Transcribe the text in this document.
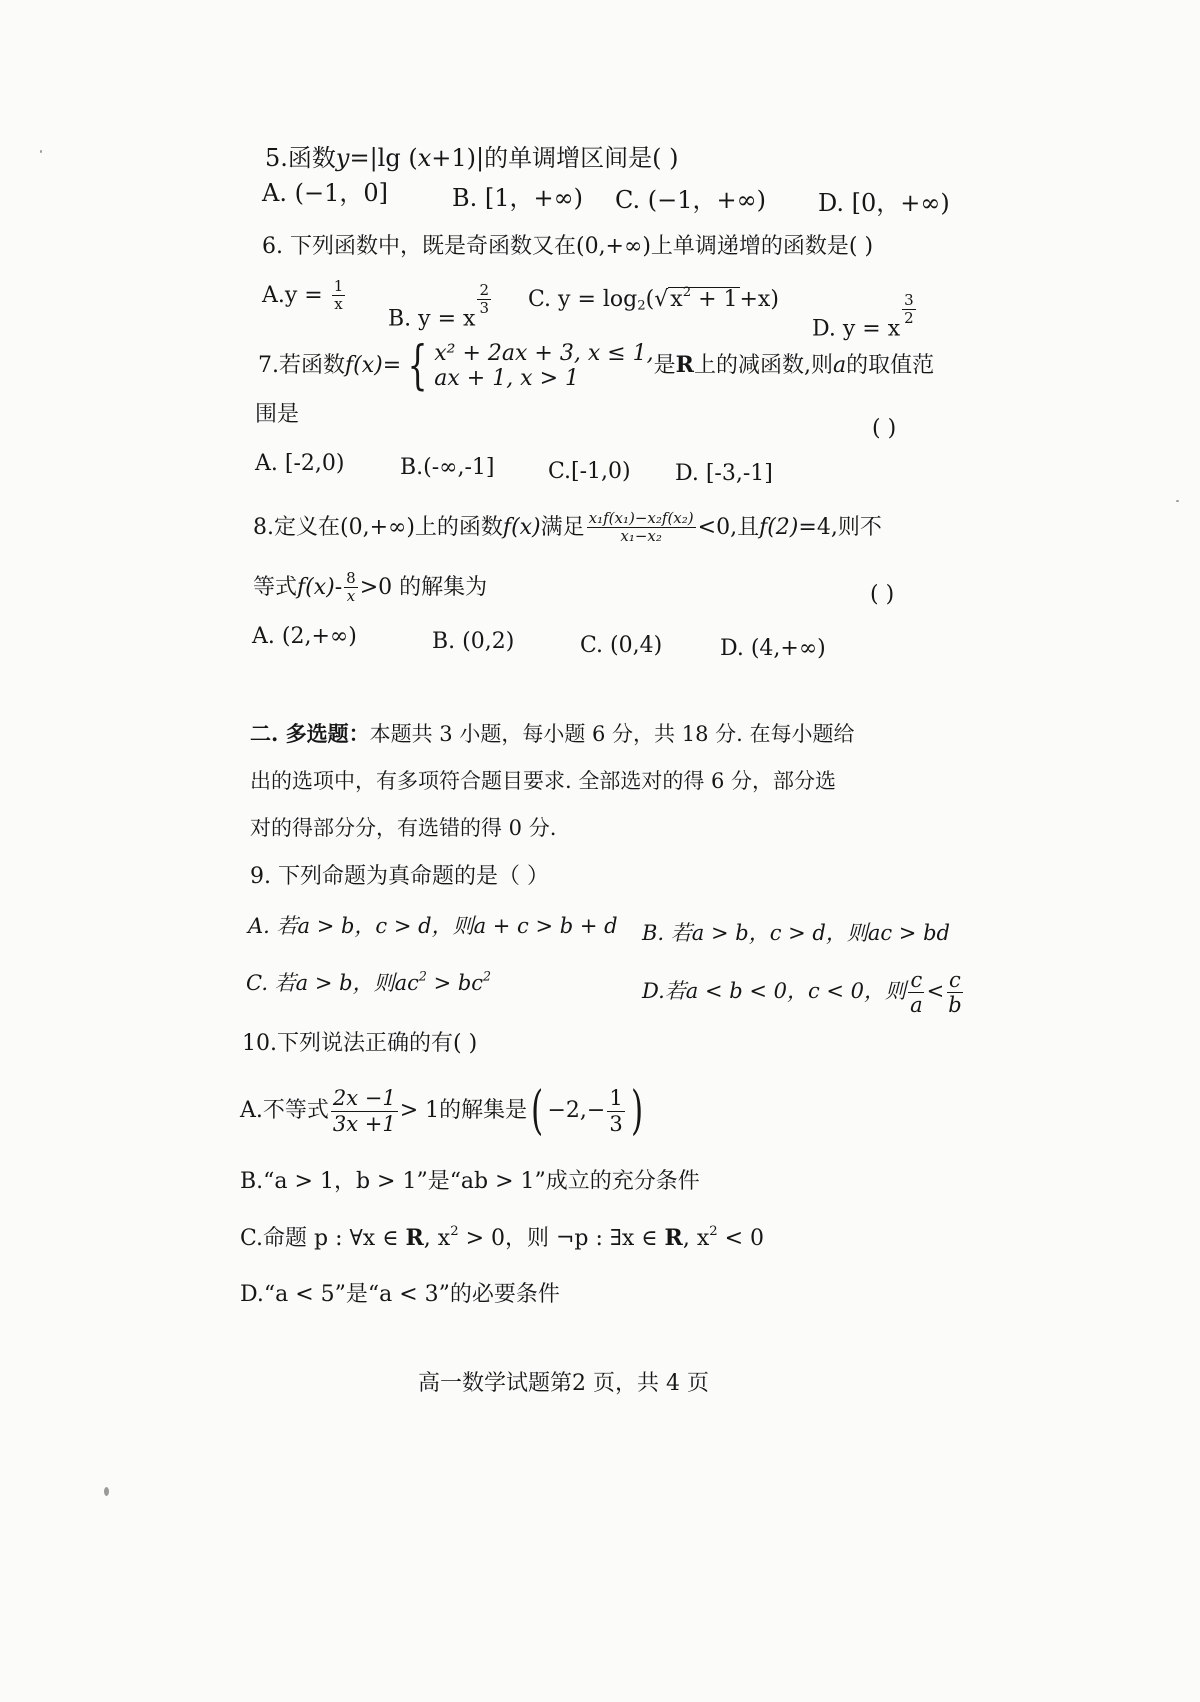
5.函数y=|lg (x+1)|的单调增区间是( )
A. (−1，0]	B. [1，+∞) C. (−1，+∞) D. [0，+∞)
6. 下列函数中，既是奇函数又在(0,+∞)上单调递增的函数是( )
$A.y = \frac{1}{x}$
B. y = x
2
3 C. $y = \log_2(√x^2 + 1+x)$
D. y = x
3
2
7.若函数f(x)= { x² + 2ax + 3, x ≤ 1,
ax + 1, x > 1
是R上的减函数,则a的取值范
围是
( )
A. [-2,0)	B.(-∞,-1] C.[-1,0) D. [-3,-1]
8.定义在(0,+∞)上的函数f(x)满足 $\frac{\text{x₁f(x₁)−x₂f(x₂)}}{\text{x₁−x₂}} <0$,且f(2)=4,则不
等式$f(x)- \frac{8}{x} >0$ 的解集为	( )
A. (2,+∞)	B. (0,2)	C. (0,4)	D. (4,+∞)
二. 多选题：本题共 3 小题，每小题 6 分，共 18 分. 在每小题给
出的选项中，有多项符合题目要求. 全部选对的得 6 分，部分选
对的得部分分，有选错的得 0 分.
9. 下列命题为真命题的是（ ）
A. 若a > b，c > d，则a + c > b + d B. 若a > b，c > d，则ac > bd
C. 若a > b，则$ac^2 > bc^2$
D.若a < b < 0，c < 0，则 $\frac{c}{a} < \frac{c}{b}$
10.下列说法正确的有( )
A.不等式 $\frac{2x -1}{3x +1} > 1$的解集是( $-2,- \frac{1}{3}$ )
B.“a > 1，b > 1”是“ab > 1”成立的充分条件
C.命题 p : ∀x ∈ R, $x^2 > 0$，则 ¬p : ∃x ∈ R, $x^2 < 0$
D.“a < 5”是“a < 3”的必要条件
高一数学试题第2 页，共 4 页
